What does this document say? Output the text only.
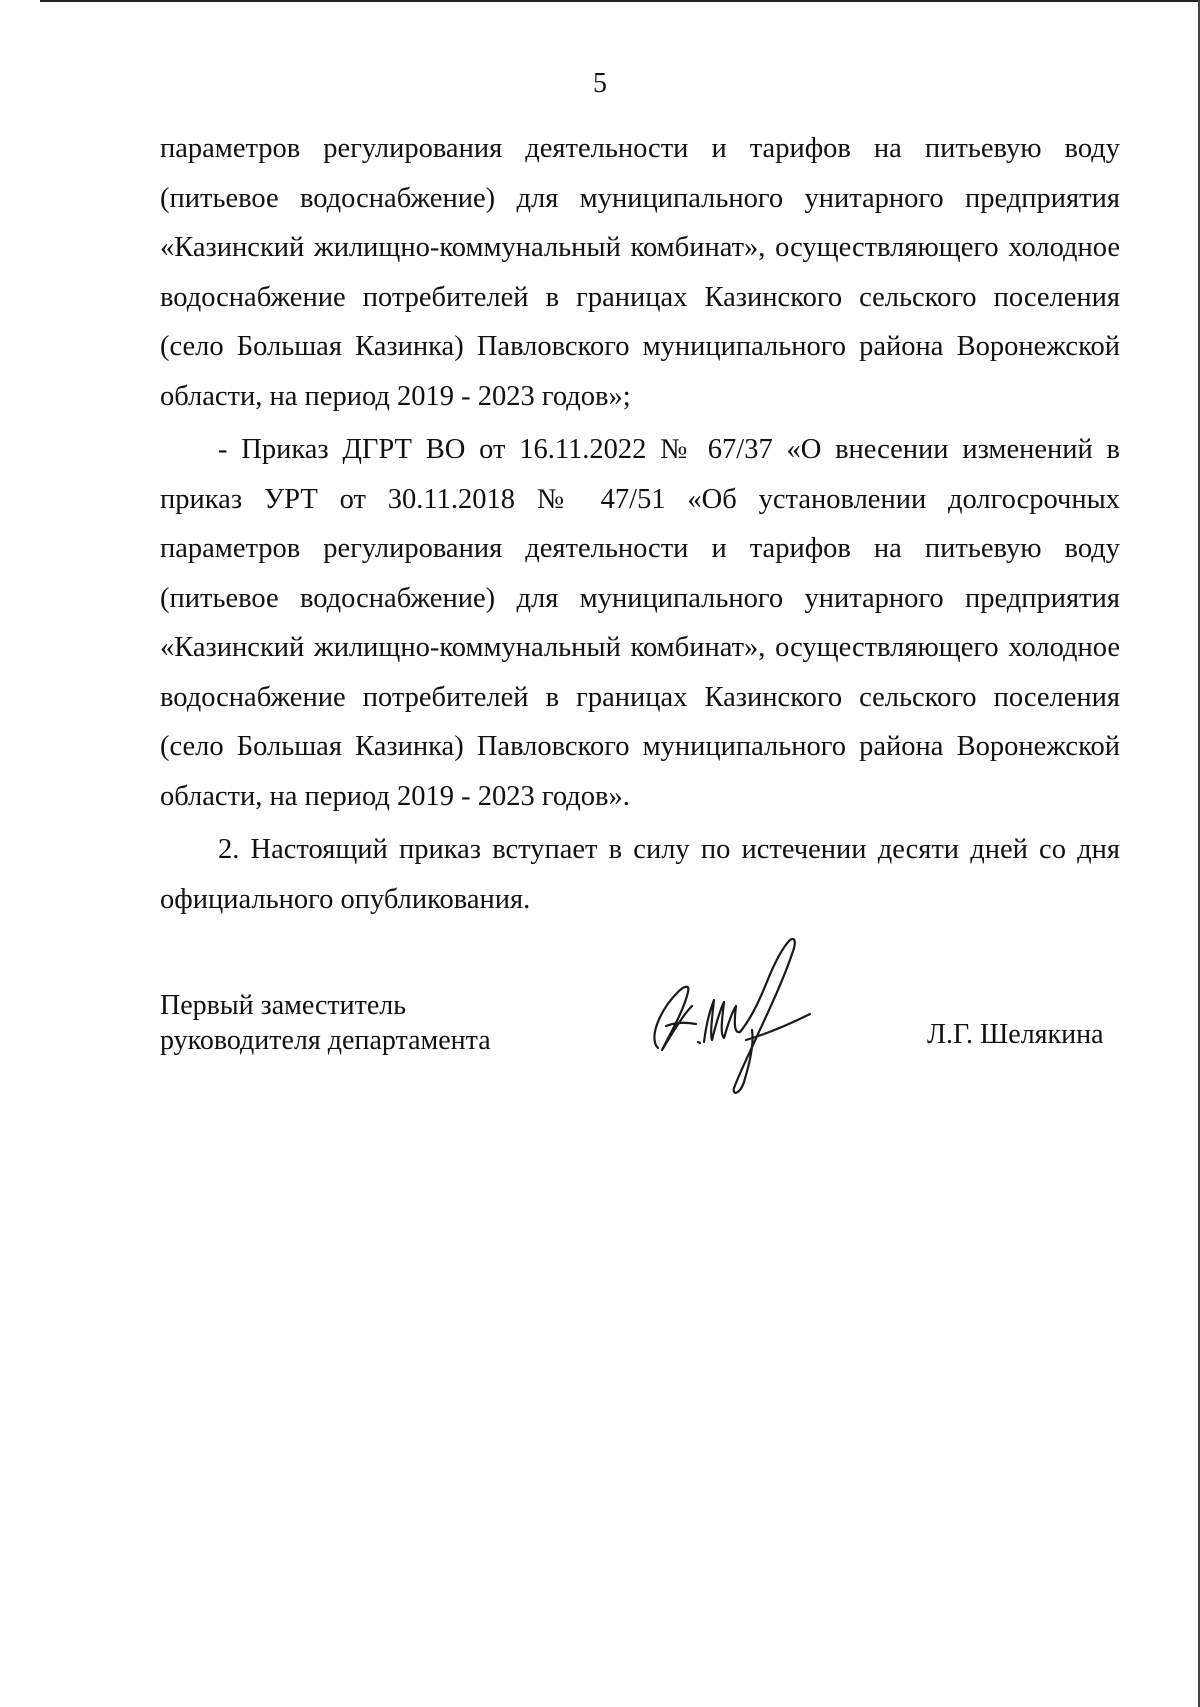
5

параметров регулирования деятельности и тарифов на питьевую воду (питьевое водоснабжение) для муниципального унитарного предприятия «Казинский жилищно-коммунальный комбинат», осуществляющего холодное водоснабжение потребителей в границах Казинского сельского поселения (село Большая Казинка) Павловского муниципального района Воронежской области, на период 2019 - 2023 годов»;

- Приказ ДГРТ ВО от 16.11.2022 № 67/37 «О внесении изменений в приказ УРТ от 30.11.2018 № 47/51 «Об установлении долгосрочных параметров регулирования деятельности и тарифов на питьевую воду (питьевое водоснабжение) для муниципального унитарного предприятия «Казинский жилищно-коммунальный комбинат», осуществляющего холодное водоснабжение потребителей в границах Казинского сельского поселения (село Большая Казинка) Павловского муниципального района Воронежской области, на период 2019 - 2023 годов».

2. Настоящий приказ вступает в силу по истечении десяти дней со дня официального опубликования.

Первый заместитель
руководителя департамента	Л.Г. Шелякина
